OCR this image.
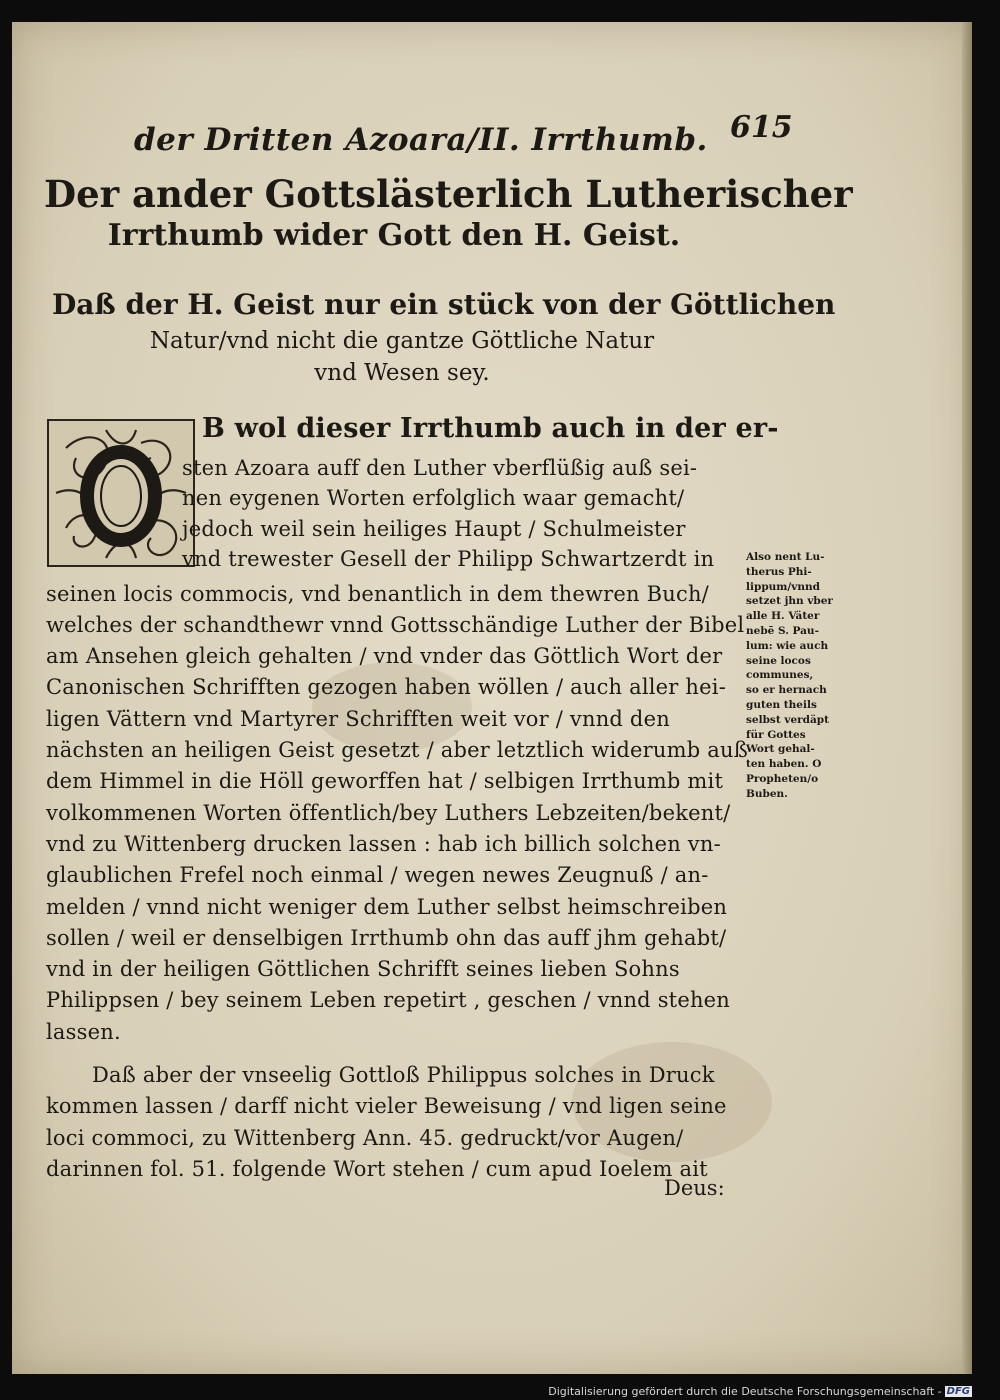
der Dritten Azoara/II. Irrthumb. 615
Der ander Gottslästerlich Lutherischer
Irrthumb wider Gott den H. Geist.
Daß der H. Geist nur ein stück von der Göttlichen
Natur/vnd nicht die gantze Göttliche Natur
vnd Wesen sey.
B wol dieser Irrthumb auch in der er-
sten Azoara auff den Luther vberflüßig auß sei-
nen eygenen Worten erfolglich waar gemacht/
jedoch weil sein heiliges Haupt / Schulmeister
vnd trewester Gesell der Philipp Schwartzerdt in
seinen locis commocis, vnd benantlich in dem thewren Buch/
welches der schandthewr vnnd Gottsschändige Luther der Bibel
am Ansehen gleich gehalten / vnd vnder das Göttlich Wort der
Canonischen Schrifften gezogen haben wöllen / auch aller hei-
ligen Vättern vnd Martyrer Schrifften weit vor / vnnd den
nächsten an heiligen Geist gesetzt / aber letztlich widerumb auß
dem Himmel in die Höll geworffen hat / selbigen Irrthumb mit
volkommenen Worten öffentlich/bey Luthers Lebzeiten/bekent/
vnd zu Wittenberg drucken lassen : hab ich billich solchen vn-
glaublichen Frefel noch einmal / wegen newes Zeugnuß / an-
melden / vnnd nicht weniger dem Luther selbst heimschreiben
sollen / weil er denselbigen Irrthumb ohn das auff jhm gehabt/
vnd in der heiligen Göttlichen Schrifft seines lieben Sohns
Philippsen / bey seinem Leben repetirt , geschen / vnnd stehen
lassen.
Daß aber der vnseelig Gottloß Philippus solches in Druck
kommen lassen / darff nicht vieler Beweisung / vnd ligen seine
loci commoci, zu Wittenberg Ann. 45. gedruckt/vor Augen/
darinnen fol. 51. folgende Wort stehen / cum apud Ioelem ait
Also nent Lu-
therus Phi-
lippum/vnnd
setzet jhn vber
alle H. Väter
nebē S. Pau-
lum: wie auch
seine locos
communes,
so er hernach
guten theils
selbst verdäpt
für Gottes
Wort gehal-
ten haben. O
Propheten/o
Buben.
Deus:
Digitalisierung gefördert durch die Deutsche Forschungsgemeinschaft - DFG
